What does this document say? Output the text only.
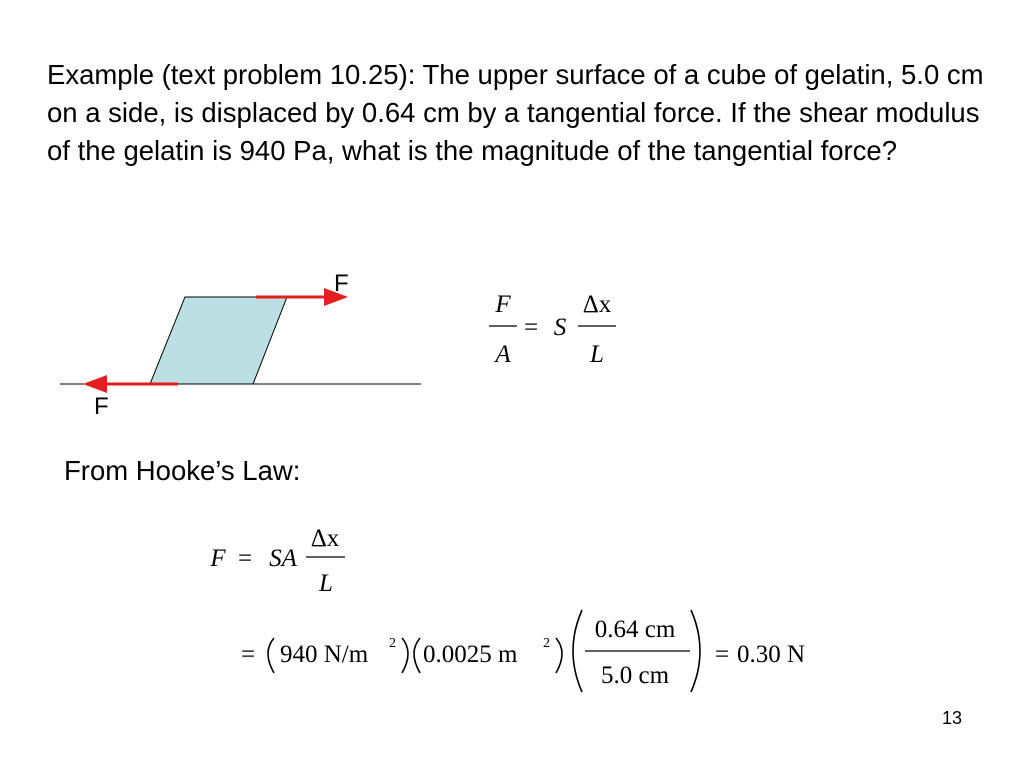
Example (text problem 10.25): The upper surface of a cube of gelatin, 5.0 cm on a side, is displaced by 0.64 cm by a tangential force. If the shear modulus of the gelatin is 940 Pa, what is the magnitude of the tangential force?

F
F
F
A
= S
Δx
L
F = SA
Δx
L
= 940 N/m 2 0.0025 m 2
0.64 cm
5.0 cm
= 0.30 N

From Hooke’s Law:

13
